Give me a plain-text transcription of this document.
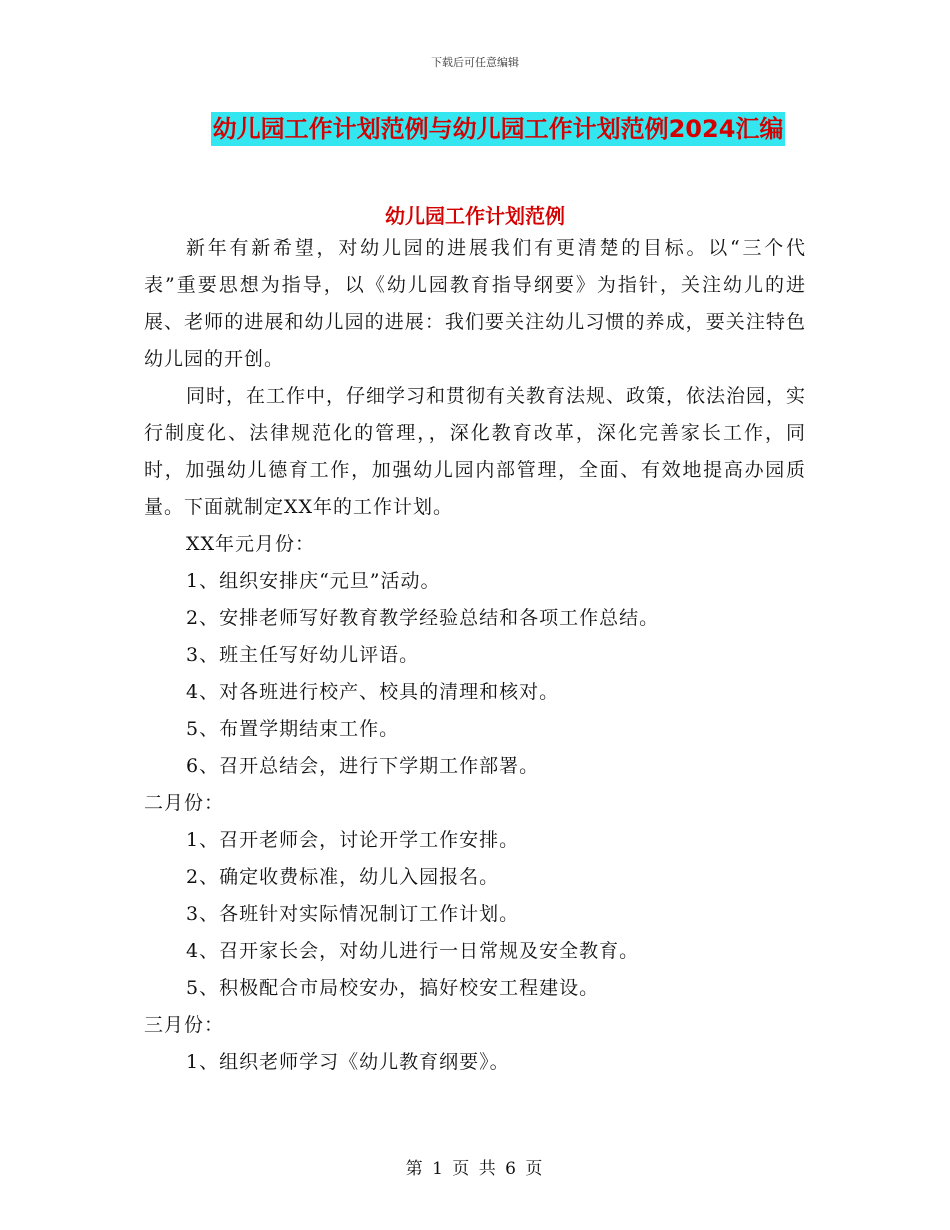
下载后可任意编辑
幼儿园工作计划范例与幼儿园工作计划范例2024汇编
幼儿园工作计划范例

新年有新希望，对幼儿园的进展我们有更清楚的目标。以“三个代表”重要思想为指导，以《幼儿园教育指导纲要》为指针，关注幼儿的进展、老师的进展和幼儿园的进展：我们要关注幼儿习惯的养成，要关注特色幼儿园的开创。

同时，在工作中，仔细学习和贯彻有关教育法规、政策，依法治园，实行制度化、法律规范化的管理，，深化教育改革，深化完善家长工作，同时，加强幼儿德育工作，加强幼儿园内部管理，全面、有效地提高办园质量。下面就制定XX年的工作计划。

XX年元月份：

1、组织安排庆“元旦”活动。

2、安排老师写好教育教学经验总结和各项工作总结。

3、班主任写好幼儿评语。

4、对各班进行校产、校具的清理和核对。

5、布置学期结束工作。

6、召开总结会，进行下学期工作部署。

二月份：

1、召开老师会，讨论开学工作安排。

2、确定收费标准，幼儿入园报名。

3、各班针对实际情况制订工作计划。

4、召开家长会，对幼儿进行一日常规及安全教育。

5、积极配合市局校安办，搞好校安工程建设。

三月份：

1、组织老师学习《幼儿教育纲要》。

第 1 页 共 6 页
